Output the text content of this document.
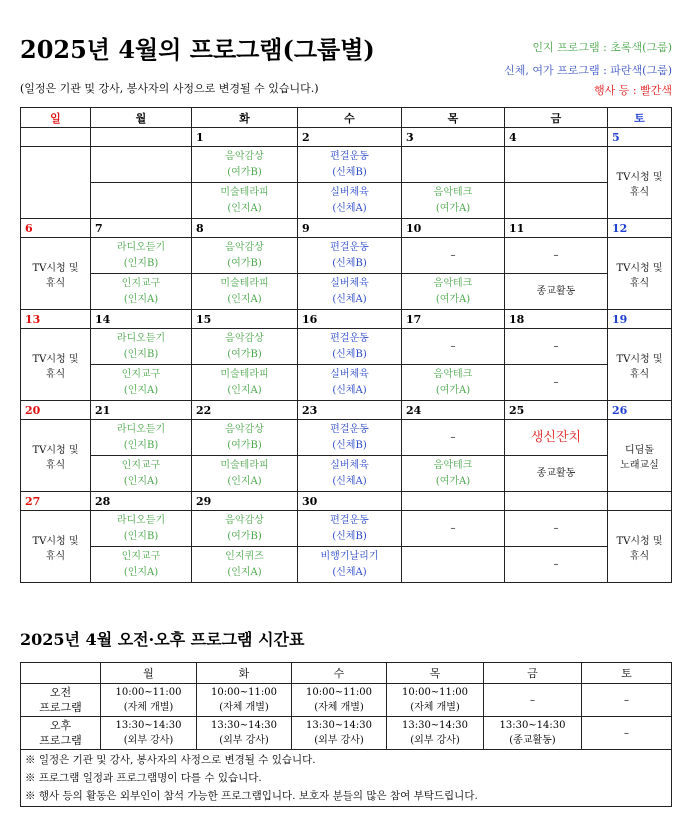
2025년 4월의 프로그램(그룹별)
(일정은 기관 및 강사, 봉사자의 사정으로 변경될 수 있습니다.)
인지 프로그램 : 초록색(그룹)
신체, 여가 프로그램 : 파란색(그룹)
행사 등 : 빨간색
일	월	화	수	목	금	토
		1	2	3	4	5
		음악감상
(여가B)	편걸운동
(신체B)			TV시청 및
휴식
		미술테라피
(인지A)	실버체육
(신체A)	음악테크
(여가A)		
6	7	8	9	10	11	12
TV시청 및
휴식	라디오듣기
(인지B)	음악감상
(여가B)	편걸운동
(신체B)	–	–	TV시청 및
휴식
	인지교구
(인지A)	미술테라피
(인지A)	실버체육
(신체A)	음악테크
(여가A)	종교활동	
13	14	15	16	17	18	19
TV시청 및
휴식	라디오듣기
(인지B)	음악감상
(여가B)	편걸운동
(신체B)	–	–	TV시청 및
휴식
	인지교구
(인지A)	미술테라피
(인지A)	실버체육
(신체A)	음악테크
(여가A)	–	
20	21	22	23	24	25	26
TV시청 및
휴식	라디오듣기
(인지B)	음악감상
(여가B)	편걸운동
(신체B)	–	생신잔치	디딤돌
노래교실
	인지교구
(인지A)	미술테라피
(인지A)	실버체육
(신체A)	음악테크
(여가A)	종교활동	
27	28	29	30			
TV시청 및
휴식	라디오듣기
(인지B)	음악감상
(여가B)	편걸운동
(신체B)	–	–	TV시청 및
휴식
	인지교구
(인지A)	인지퀴즈
(인지A)	비행기날리기
(신체A)		–	
2025년 4월 오전·오후 프로그램 시간표
	월	화	수	목	금	토
오전
프로그램	10:00~11:00
(자체 개별)	10:00~11:00
(자체 개별)	10:00~11:00
(자체 개별)	10:00~11:00
(자체 개별)	–	–
오후
프로그램	13:30~14:30
(외부 강사)	13:30~14:30
(외부 강사)	13:30~14:30
(외부 강사)	13:30~14:30
(외부 강사)	13:30~14:30
(종교활동)	–

※ 일정은 기관 및 강사, 봉사자의 사정으로 변경될 수 있습니다.
※ 프로그램 일정과 프로그램명이 다를 수 있습니다.
※ 행사 등의 활동은 외부인이 참석 가능한 프로그램입니다. 보호자 분들의 많은 참여 부탁드립니다.						
